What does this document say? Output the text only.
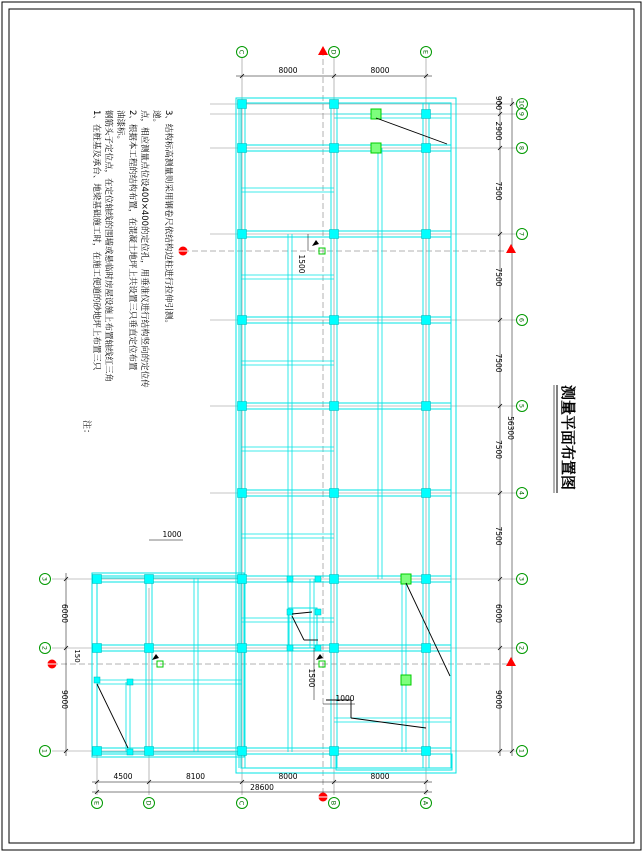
8000	8000
8000
8000
8100
4500
28600
900
2900
7500
7500
7500
7500
7500
6000
9000
56300
6000
9000
150
1000
1500
1500
1000
C	D	E
E	D	C	B	A
3
2
1
10
9
8
7
6
5
4
3
2
1
注：
1、在桩基及承台、地梁基础施工时，在施工便道的砂地坪上布置三只 钢筋头子定位点，在定位轴线的围墙或悬临时房屋设施上布置轴线红三角 油漆标。 2、根据本工程的结构布置，在混凝土地坪上共设置三只垂直定位布置 点，相应测量点位设400×400的定位孔，用垂准仪进行结构竖向的定位传 递。 3、结构标高测量则采用钢卷尺依结构边柱进行拉伸引测。
测量平面布置图
